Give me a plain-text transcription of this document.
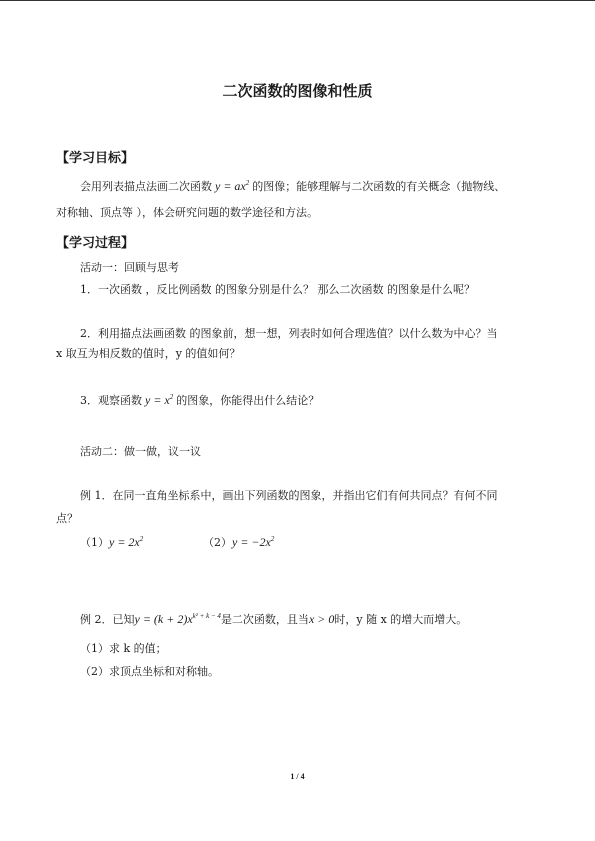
二次函数的图像和性质
【学习目标】
会用列表描点法画二次函数 $y = ax^2$ 的图像；能够理解与二次函数的有关概念（抛物线、
对称轴、顶点等 ），体会研究问题的数学途径和方法。
【学习过程】
活动一：回顾与思考
1．一次函数 ，反比例函数 的图象分别是什么？ 那么二次函数 的图象是什么呢？
2．利用描点法画函数 的图象前，想一想，列表时如何合理选值？以什么数为中心？当
x 取互为相反数的值时，y 的值如何？
3．观察函数 $y = x^2$ 的图象，你能得出什么结论？
活动二：做一做，议一议
例 1．在同一直角坐标系中，画出下列函数的图象，并指出它们有何共同点？有何不同
点？
$(1)y = 2x^2$	$(2)y = -2x^2$
例 2．已知$y = (k + 2)x^{k^2 + k - 4}$是二次函数，且当x > 0时，y 随 x 的增大而增大。
（1）求 k 的值；
（2）求顶点坐标和对称轴。
1 / 4
